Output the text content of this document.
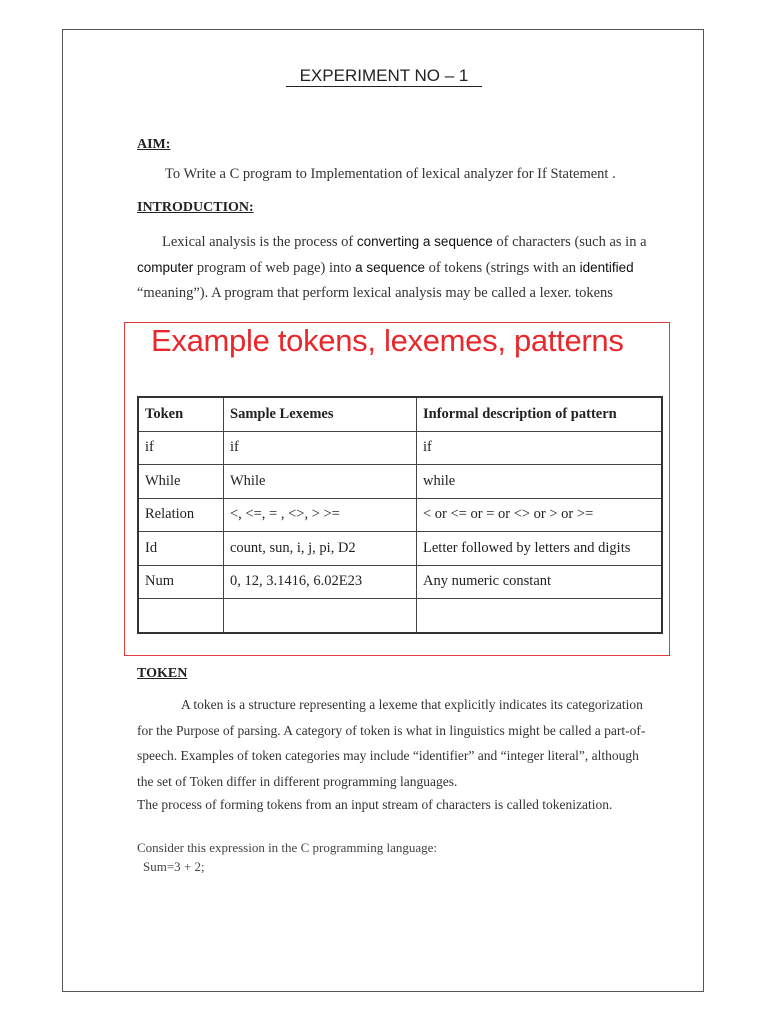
EXPERIMENT NO – 1
AIM:
To Write a C program to Implementation of lexical analyzer for If Statement .
INTRODUCTION:
Lexical analysis is the process of converting a sequence of characters (such as in a
computer program of web page) into a sequence of tokens (strings with an identified
“meaning”). A program that perform lexical analysis may be called a lexer. tokens
Example tokens, lexemes, patterns
Token	Sample Lexemes	Informal description of pattern
if	if	if
While	While	while
Relation	<, <=, = , <>, > >=	< or <= or = or <> or > or >=
Id	count, sun, i, j, pi, D2	Letter followed by letters and digits
Num	0, 12, 3.1416, 6.02E23	Any numeric constant

TOKEN
A token is a structure representing a lexeme that explicitly indicates its categorization
for the Purpose of parsing. A category of token is what in linguistics might be called a part-of-
speech. Examples of token categories may include “identifier” and “integer literal”, although
the set of Token differ in different programming languages.
The process of forming tokens from an input stream of characters is called tokenization.
Consider this expression in the C programming language:
Sum=3 + 2;
